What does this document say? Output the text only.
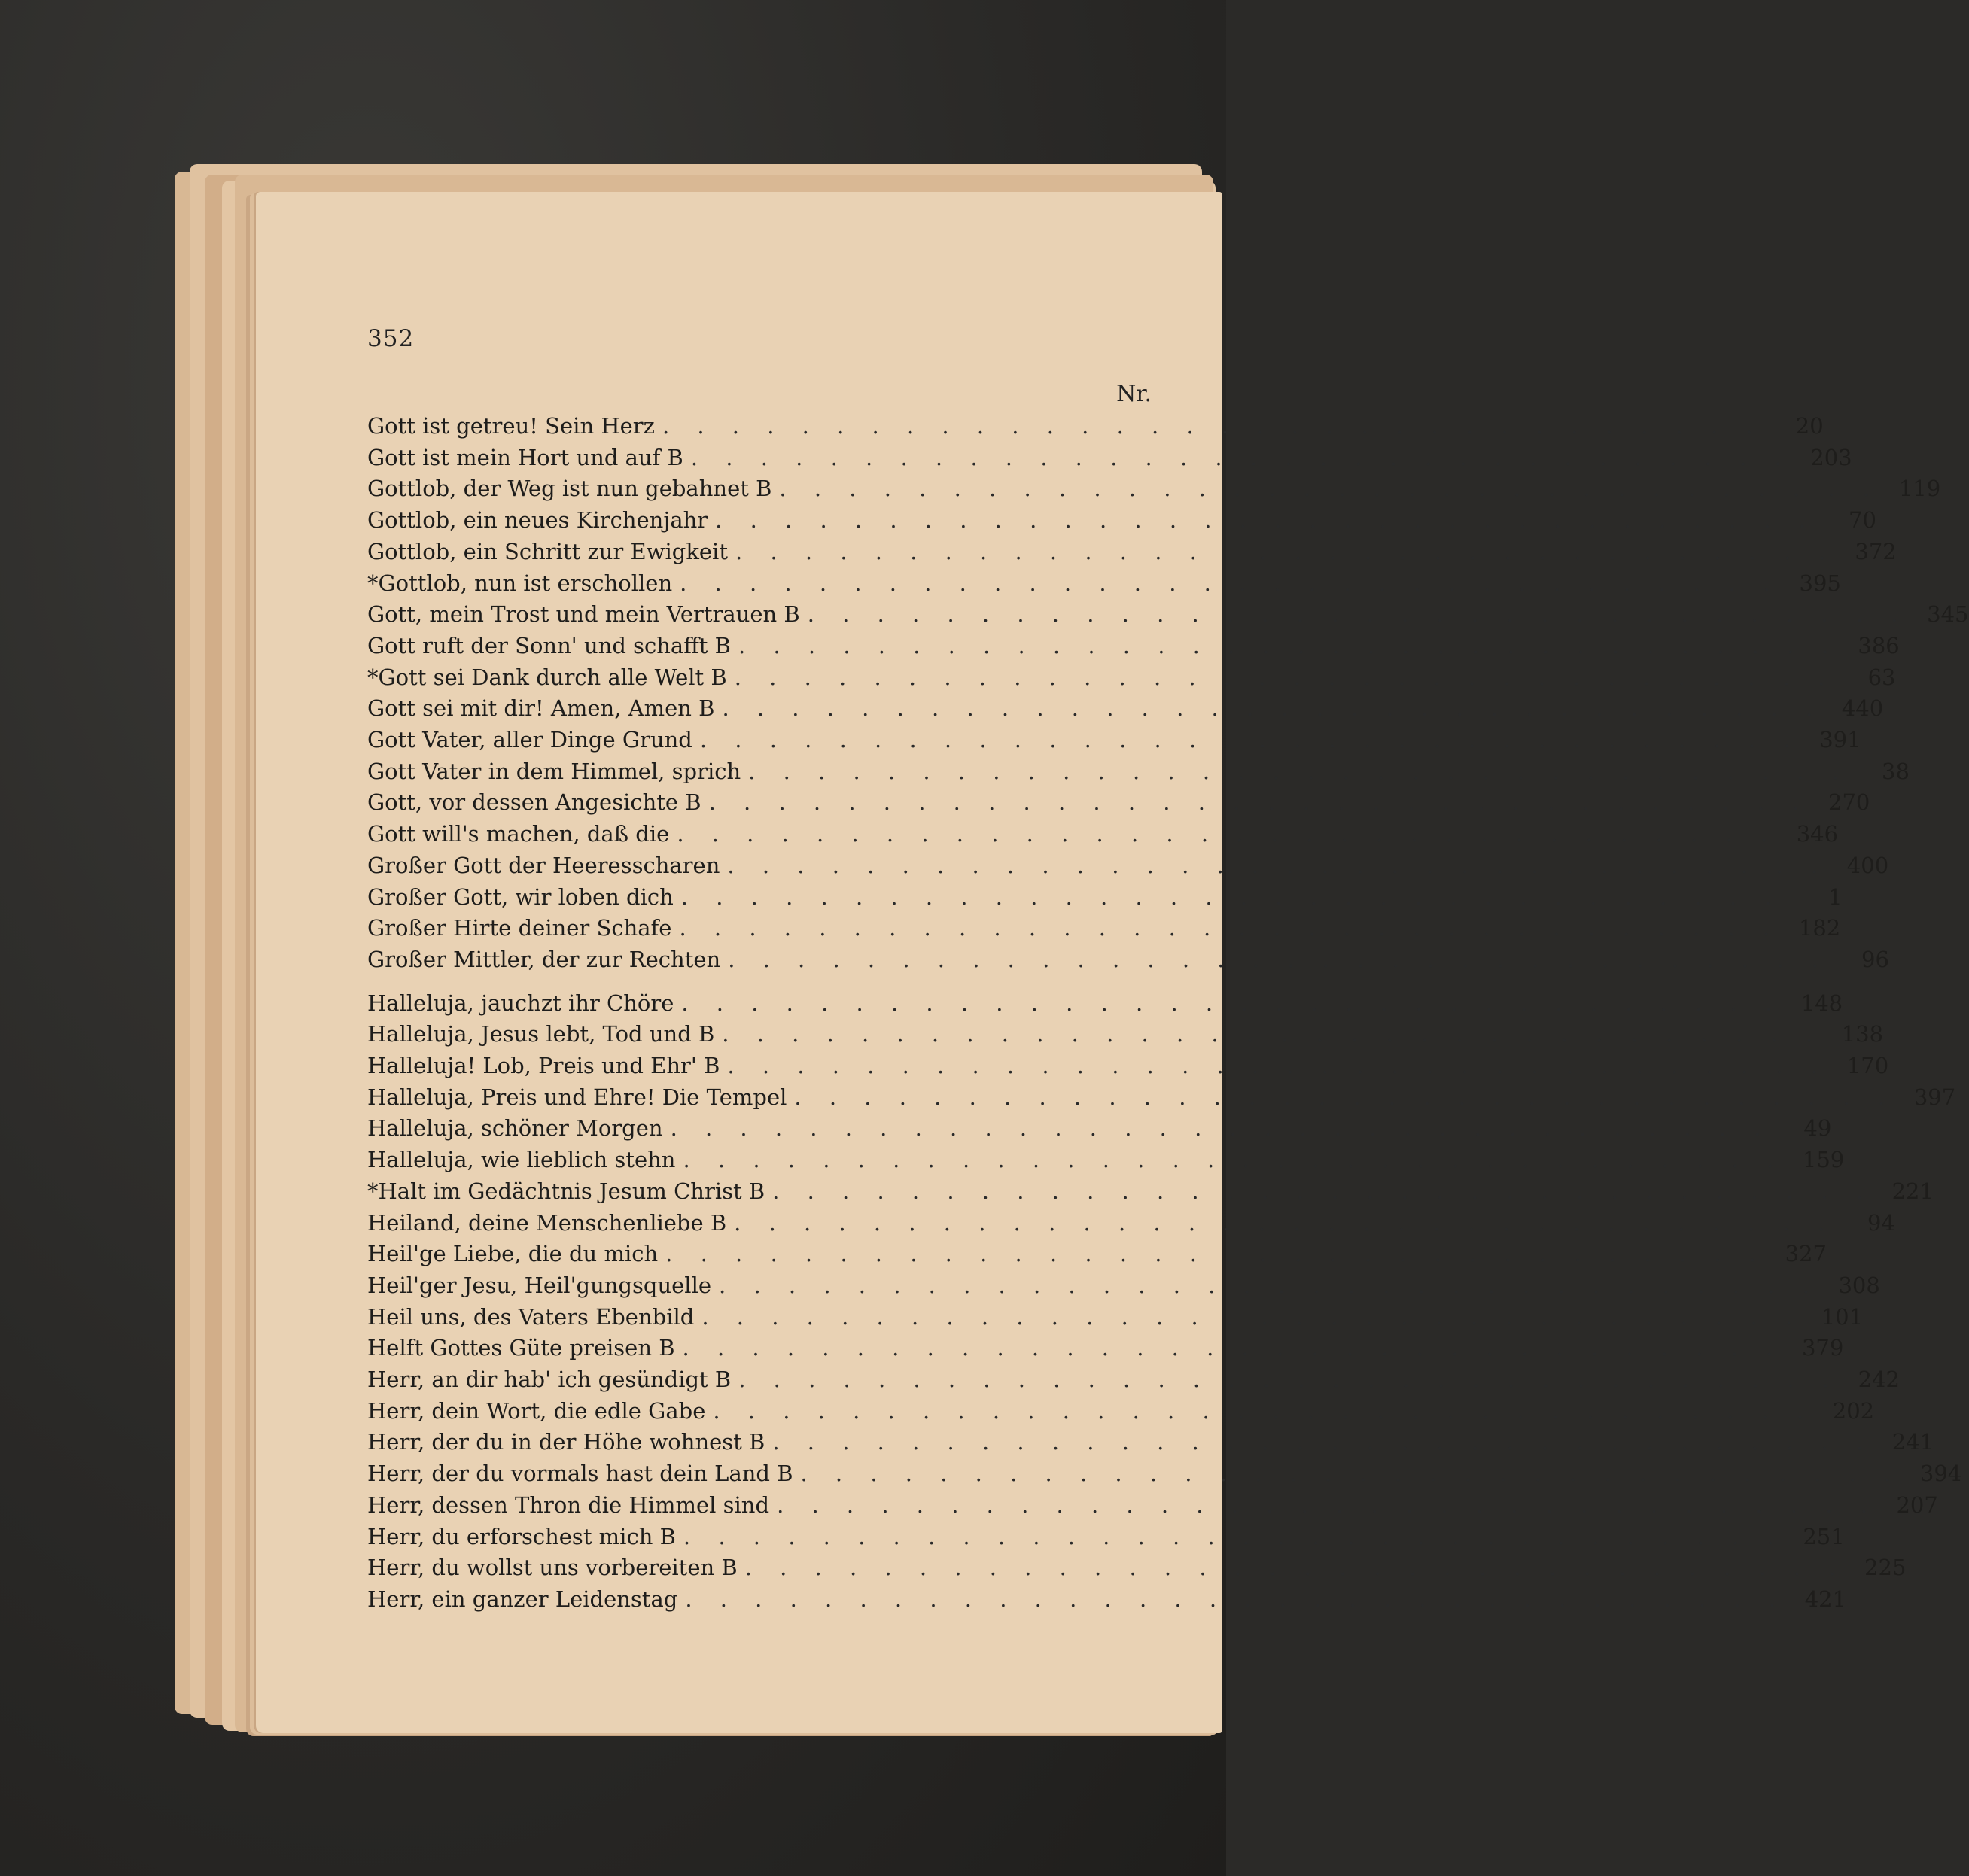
352
Nr.
Gott ist getreu! Sein Herz . . . . . . . . . . . . . . . . . . . . . . . . . . . . . . . .	20
Gott ist mein Hort und auf B . . . . . . . . . . . . . . . . . . . . . . . . . . . . . . . . 203
Gottlob, der Weg ist nun gebahnet B . . . . . . . . . . . . . . . . . . . . . . . . . . . . . . . . 119
Gottlob, ein neues Kirchenjahr . . . . . . . . . . . . . . . . . . . . . . . . . . . . . . . .	70
Gottlob, ein Schritt zur Ewigkeit . . . . . . . . . . . . . . . . . . . . . . . . . . . . . . . . 372
*Gottlob, nun ist erschollen . . . . . . . . . . . . . . . . . . . . . . . . . . . . . . . . 395
Gott, mein Trost und mein Vertrauen B . . . . . . . . . . . . . . . . . . . . . . . . . . . . . . . . 345
Gott ruft der Sonn' und schafft B . . . . . . . . . . . . . . . . . . . . . . . . . . . . . . . . 386
*Gott sei Dank durch alle Welt B . . . . . . . . . . . . . . . . . . . . . . . . . . . . . . . .	63
Gott sei mit dir! Amen, Amen B . . . . . . . . . . . . . . . . . . . . . . . . . . . . . . . . 440
Gott Vater, aller Dinge Grund . . . . . . . . . . . . . . . . . . . . . . . . . . . . . . . . 391
Gott Vater in dem Himmel, sprich . . . . . . . . . . . . . . . . . . . . . . . . . . . . . . . .	38
Gott, vor dessen Angesichte B . . . . . . . . . . . . . . . . . . . . . . . . . . . . . . . . 270
Gott will's machen, daß die . . . . . . . . . . . . . . . . . . . . . . . . . . . . . . . . 346
Großer Gott der Heeresscharen . . . . . . . . . . . . . . . . . . . . . . . . . . . . . . . . 400
Großer Gott, wir loben dich . . . . . . . . . . . . . . . . . . . . . . . . . . . . . . . .	1
Großer Hirte deiner Schafe . . . . . . . . . . . . . . . . . . . . . . . . . . . . . . . . 182
Großer Mittler, der zur Rechten . . . . . . . . . . . . . . . . . . . . . . . . . . . . . . . .	96
Halleluja, jauchzt ihr Chöre . . . . . . . . . . . . . . . . . . . . . . . . . . . . . . . . 148
Halleluja, Jesus lebt, Tod und B . . . . . . . . . . . . . . . . . . . . . . . . . . . . . . . . 138
Halleluja! Lob, Preis und Ehr' B . . . . . . . . . . . . . . . . . . . . . . . . . . . . . . . . 170
Halleluja, Preis und Ehre! Die Tempel . . . . . . . . . . . . . . . . . . . . . . . . . . . . . . . . 397
Halleluja, schöner Morgen . . . . . . . . . . . . . . . . . . . . . . . . . . . . . . . .	49
Halleluja, wie lieblich stehn . . . . . . . . . . . . . . . . . . . . . . . . . . . . . . . . 159
*Halt im Gedächtnis Jesum Christ B . . . . . . . . . . . . . . . . . . . . . . . . . . . . . . . . 221
Heiland, deine Menschenliebe B . . . . . . . . . . . . . . . . . . . . . . . . . . . . . . . .	94
Heil'ge Liebe, die du mich . . . . . . . . . . . . . . . . . . . . . . . . . . . . . . . . 327
Heil'ger Jesu, Heil'gungsquelle . . . . . . . . . . . . . . . . . . . . . . . . . . . . . . . . 308
Heil uns, des Vaters Ebenbild . . . . . . . . . . . . . . . . . . . . . . . . . . . . . . . . 101
Helft Gottes Güte preisen B . . . . . . . . . . . . . . . . . . . . . . . . . . . . . . . . 379
Herr, an dir hab' ich gesündigt B . . . . . . . . . . . . . . . . . . . . . . . . . . . . . . . . 242
Herr, dein Wort, die edle Gabe . . . . . . . . . . . . . . . . . . . . . . . . . . . . . . . . 202
Herr, der du in der Höhe wohnest B . . . . . . . . . . . . . . . . . . . . . . . . . . . . . . . . 241
Herr, der du vormals hast dein Land B . . . . . . . . . . . . . . . . . . . . . . . . . . . . . . . . 394
Herr, dessen Thron die Himmel sind . . . . . . . . . . . . . . . . . . . . . . . . . . . . . . . . 207
Herr, du erforschest mich B . . . . . . . . . . . . . . . . . . . . . . . . . . . . . . . . 251
Herr, du wollst uns vorbereiten B . . . . . . . . . . . . . . . . . . . . . . . . . . . . . . . . 225
Herr, ein ganzer Leidenstag . . . . . . . . . . . . . . . . . . . . . . . . . . . . . . . . 421
